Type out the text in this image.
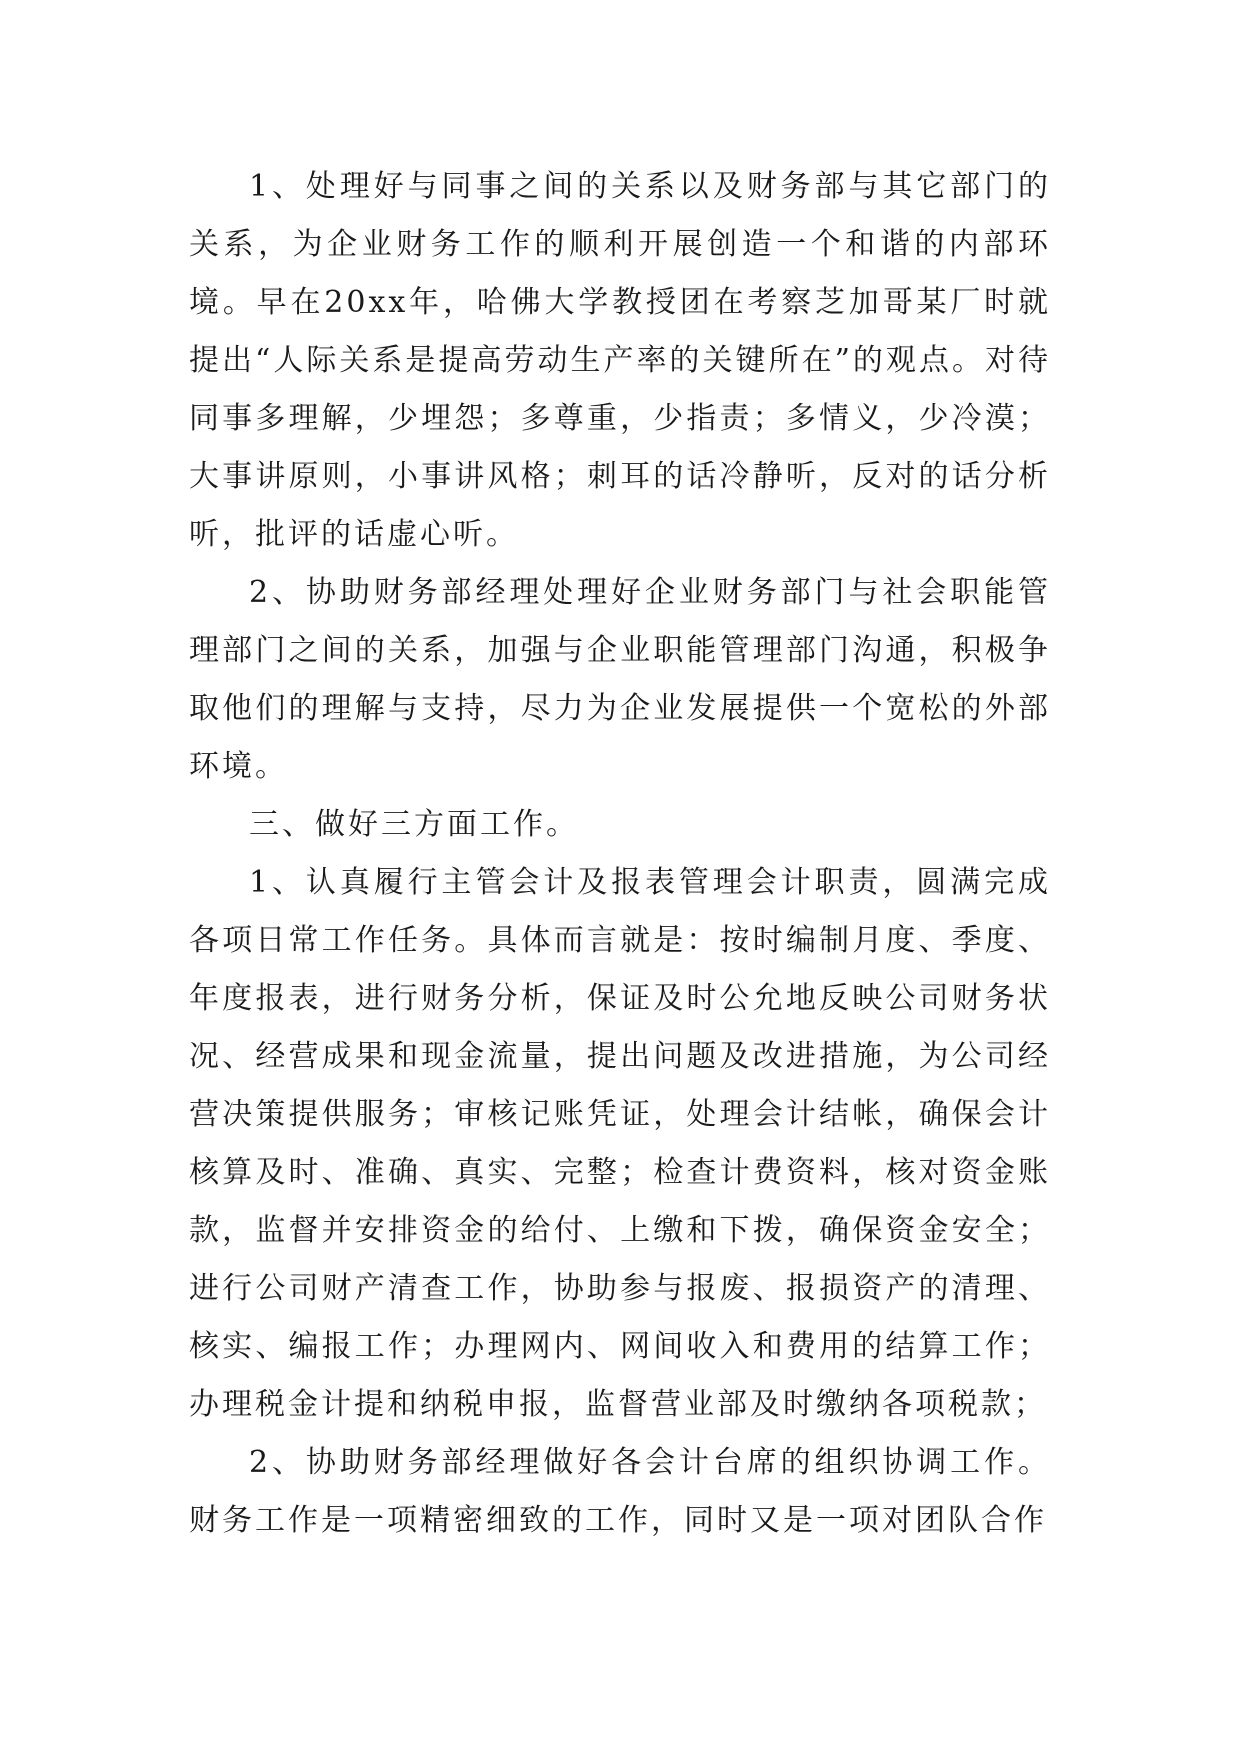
1、处理好与同事之间的关系以及财务部与其它部门的关系，为企业财务工作的顺利开展创造一个和谐的内部环境。早在20xx年，哈佛大学教授团在考察芝加哥某厂时就提出“人际关系是提高劳动生产率的关键所在”的观点。对待同事多理解，少埋怨；多尊重，少指责；多情义，少冷漠；大事讲原则，小事讲风格；刺耳的话冷静听，反对的话分析听，批评的话虚心听。

2、协助财务部经理处理好企业财务部门与社会职能管理部门之间的关系，加强与企业职能管理部门沟通，积极争取他们的理解与支持，尽力为企业发展提供一个宽松的外部环境。

三、做好三方面工作。

1、认真履行主管会计及报表管理会计职责，圆满完成各项日常工作任务。具体而言就是：按时编制月度、季度、年度报表，进行财务分析，保证及时公允地反映公司财务状况、经营成果和现金流量，提出问题及改进措施，为公司经营决策提供服务；审核记账凭证，处理会计结帐，确保会计核算及时、准确、真实、完整；检查计费资料，核对资金账款，监督并安排资金的给付、上缴和下拨，确保资金安全；进行公司财产清查工作，协助参与报废、报损资产的清理、核实、编报工作；办理网内、网间收入和费用的结算工作；办理税金计提和纳税申报，监督营业部及时缴纳各项税款；

2、协助财务部经理做好各会计台席的组织协调工作。财务工作是一项精密细致的工作，同时又是一项对团队合作
